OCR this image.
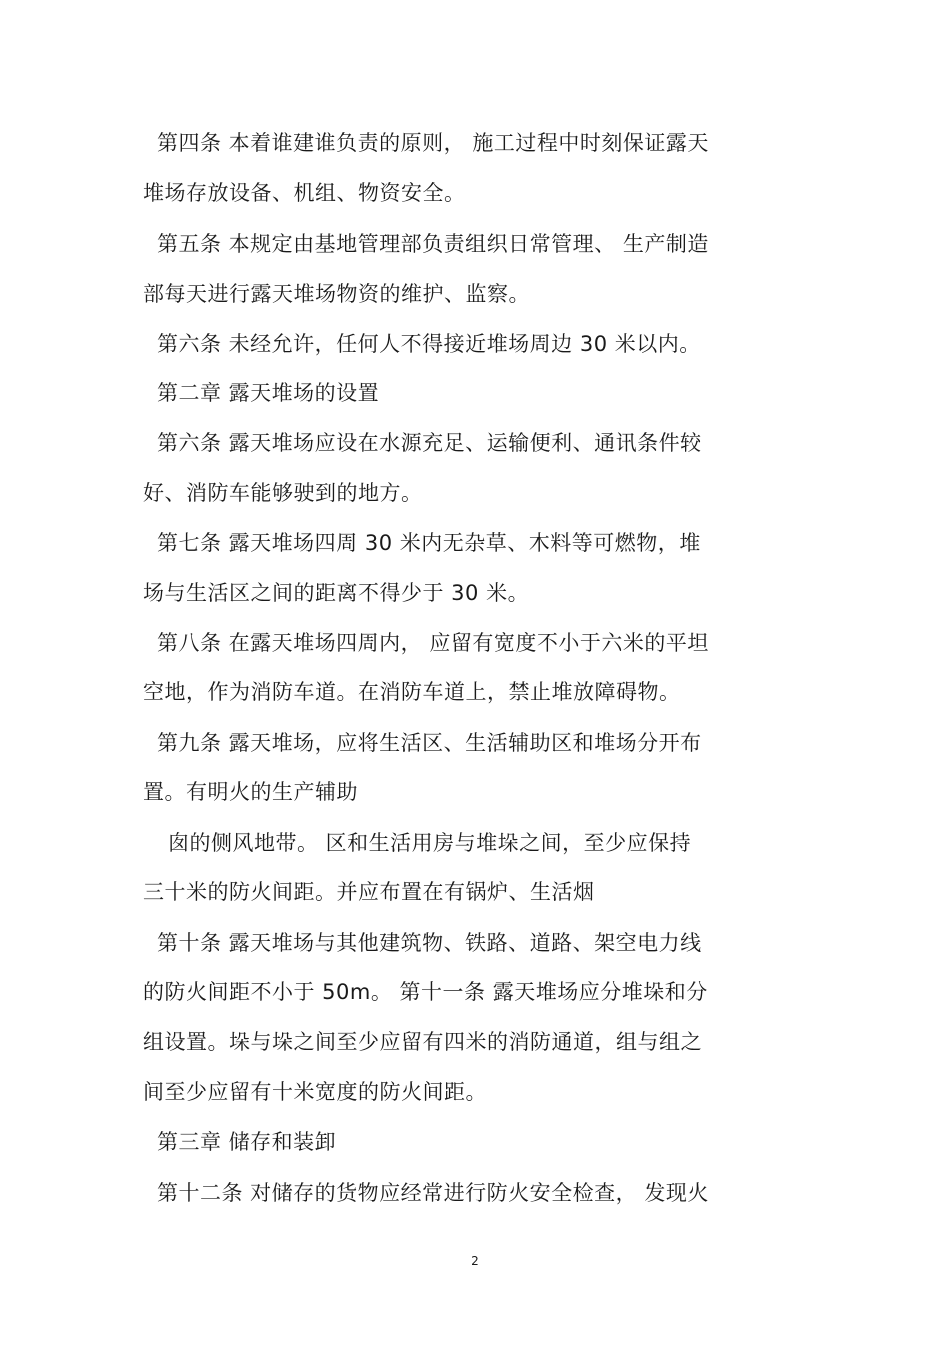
第四条 本着谁建谁负责的原则， 施工过程中时刻保证露天
堆场存放设备、机组、物资安全。
第五条 本规定由基地管理部负责组织日常管理、 生产制造
部每天进行露天堆场物资的维护、监察。
第六条 未经允许，任何人不得接近堆场周边 30 米以内。
第二章 露天堆场的设置
第六条 露天堆场应设在水源充足、运输便利、通讯条件较
好、消防车能够驶到的地方。
第七条 露天堆场四周 30 米内无杂草、木料等可燃物，堆
场与生活区之间的距离不得少于 30 米。
第八条 在露天堆场四周内， 应留有宽度不小于六米的平坦
空地，作为消防车道。在消防车道上，禁止堆放障碍物。
第九条 露天堆场，应将生活区、生活辅助区和堆场分开布
置。有明火的生产辅助
囱的侧风地带。 区和生活用房与堆垛之间，至少应保持
三十米的防火间距。并应布置在有锅炉、生活烟
第十条 露天堆场与其他建筑物、铁路、道路、架空电力线
的防火间距不小于 50m。 第十一条 露天堆场应分堆垛和分
组设置。垛与垛之间至少应留有四米的消防通道，组与组之
间至少应留有十米宽度的防火间距。
第三章 储存和装卸
第十二条 对储存的货物应经常进行防火安全检查， 发现火
2
